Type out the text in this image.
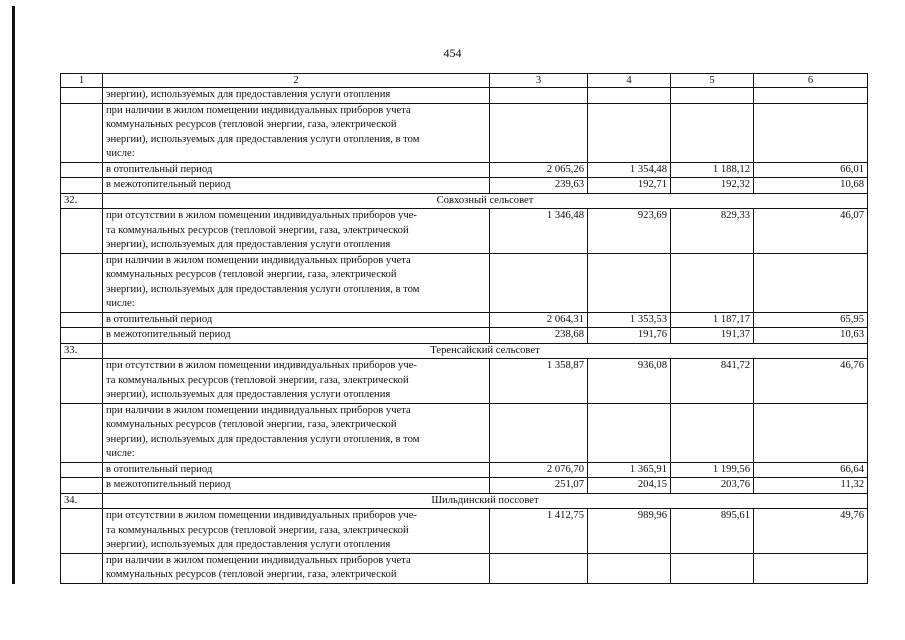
454
1	2	3	4	5	6

	энергии), используемых для предоставления услуги отопления				

	при наличии в жилом помещении индивидуальных приборов учета
коммунальных ресурсов (тепловой энергии, газа, электрической
энергии), используемых для предоставления услуги отопления, в том
числе:				

	в отопительный период	2 065,26	1 354,48	1 188,12	66,01

	в межотопительный период	239,63	192,71	192,32	10,68
32.	Совхозный сельсовет				

	при отсутствии в жилом помещении индивидуальных приборов уче-
та коммунальных ресурсов (тепловой энергии, газа, электрической
энергии), используемых для предоставления услуги отопления	1 346,48	923,69	829,33	46,07

	при наличии в жилом помещении индивидуальных приборов учета
коммунальных ресурсов (тепловой энергии, газа, электрической
энергии), используемых для предоставления услуги отопления, в том
числе:				

	в отопительный период	2 064,31	1 353,53	1 187,17	65,95

	в межотопительный период	238,68	191,76	191,37	10,63
33.	Теренсайский сельсовет				

	при отсутствии в жилом помещении индивидуальных приборов уче-
та коммунальных ресурсов (тепловой энергии, газа, электрической
энергии), используемых для предоставления услуги отопления	1 358,87	936,08	841,72	46,76

	при наличии в жилом помещении индивидуальных приборов учета
коммунальных ресурсов (тепловой энергии, газа, электрической
энергии), используемых для предоставления услуги отопления, в том
числе:				

	в отопительный период	2 076,70	1 365,91	1 199,56	66,64

	в межотопительный период	251,07	204,15	203,76	11,32
34.	Шильдинский поссовет				

	при отсутствии в жилом помещении индивидуальных приборов уче-
та коммунальных ресурсов (тепловой энергии, газа, электрической
энергии), используемых для предоставления услуги отопления	1 412,75	989,96	895,61	49,76

	при наличии в жилом помещении индивидуальных приборов учета
коммунальных ресурсов (тепловой энергии, газа, электрической				
